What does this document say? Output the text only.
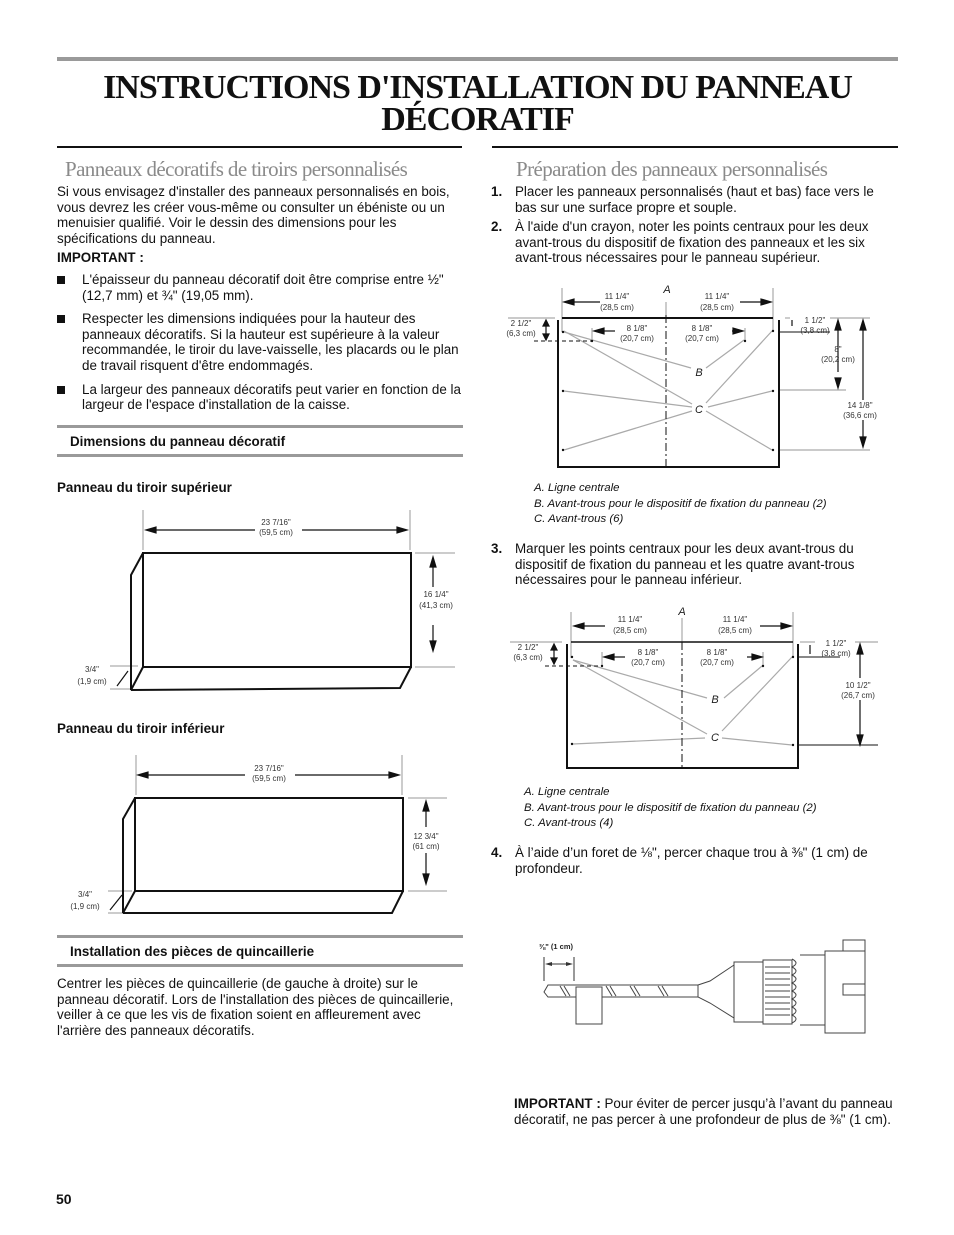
INSTRUCTIONS D'INSTALLATION DU PANNEAU
DÉCORATIF
Panneaux décoratifs de tiroirs personnalisés
Si vous envisagez d'installer des panneaux personnalisés en bois, vous devrez les créer vous-même ou consulter un ébéniste ou un menuisier qualifié. Voir le dessin des dimensions pour les spécifications du panneau.
IMPORTANT :
L'épaisseur du panneau décoratif doit être comprise entre ½" (12,7 mm) et ¾" (19,05 mm).
Respecter les dimensions indiquées pour la hauteur des panneaux décoratifs. Si la hauteur est supérieure à la valeur recommandée, le tiroir du lave-vaisselle, les placards ou le plan de travail risquent d'être endommagés.
La largeur des panneaux décoratifs peut varier en fonction de la largeur de l'espace d'installation de la caisse.
Dimensions du panneau décoratif
Panneau du tiroir supérieur
23 7/16"
(59,5 cm)
16 1/4"
(41,3 cm)
3/4"
(1,9 cm)
Panneau du tiroir inférieur
23 7/16"
(59,5 cm)
12 3/4"
(61 cm)
3/4"
(1,9 cm)
Installation des pièces de quincaillerie
Centrer les pièces de quincaillerie (de gauche à droite) sur le panneau décoratif. Lors de l'installation des pièces de quincaillerie, veiller à ce que les vis de fixation soient en affleurement avec l'arrière des panneaux décoratifs.
Préparation des panneaux personnalisés
1. Placer les panneaux personnalisés (haut et bas) face vers le bas sur une surface propre et souple.
2. À l'aide d'un crayon, noter les points centraux pour les deux avant-trous du dispositif de fixation des panneaux et les six avant-trous nécessaires pour le panneau supérieur.
A
B
C
11 1/4"
(28,5 cm)
11 1/4"
(28,5 cm)
8 1/8"
(20,7 cm)
8 1/8"
(20,7 cm)
2 1/2"
(6,3 cm)
1 1/2"
(3,8 cm)
8"
(20,2 cm)
14 1/8"
(36,6 cm)
A. Ligne centrale
B. Avant-trous pour le dispositif de fixation du panneau (2)
C. Avant-trous (6)
3. Marquer les points centraux pour les deux avant-trous du dispositif de fixation du panneau et les quatre avant-trous nécessaires pour le panneau inférieur.
A
B
C
11 1/4"
(28,5 cm)
11 1/4"
(28,5 cm)
8 1/8"
(20,7 cm)
8 1/8"
(20,7 cm)
2 1/2"
(6,3 cm)
1 1/2"
(3,8 cm)
10 1/2"
(26,7 cm)
A. Ligne centrale
B. Avant-trous pour le dispositif de fixation du panneau (2)
C. Avant-trous (4)
4. À l’aide d’un foret de ⅛", percer chaque trou à ⅜" (1 cm) de profondeur.
⅜" (1 cm)
IMPORTANT : Pour éviter de percer jusqu’à l’avant du panneau décoratif, ne pas percer à une profondeur de plus de ⅜" (1 cm).
50
